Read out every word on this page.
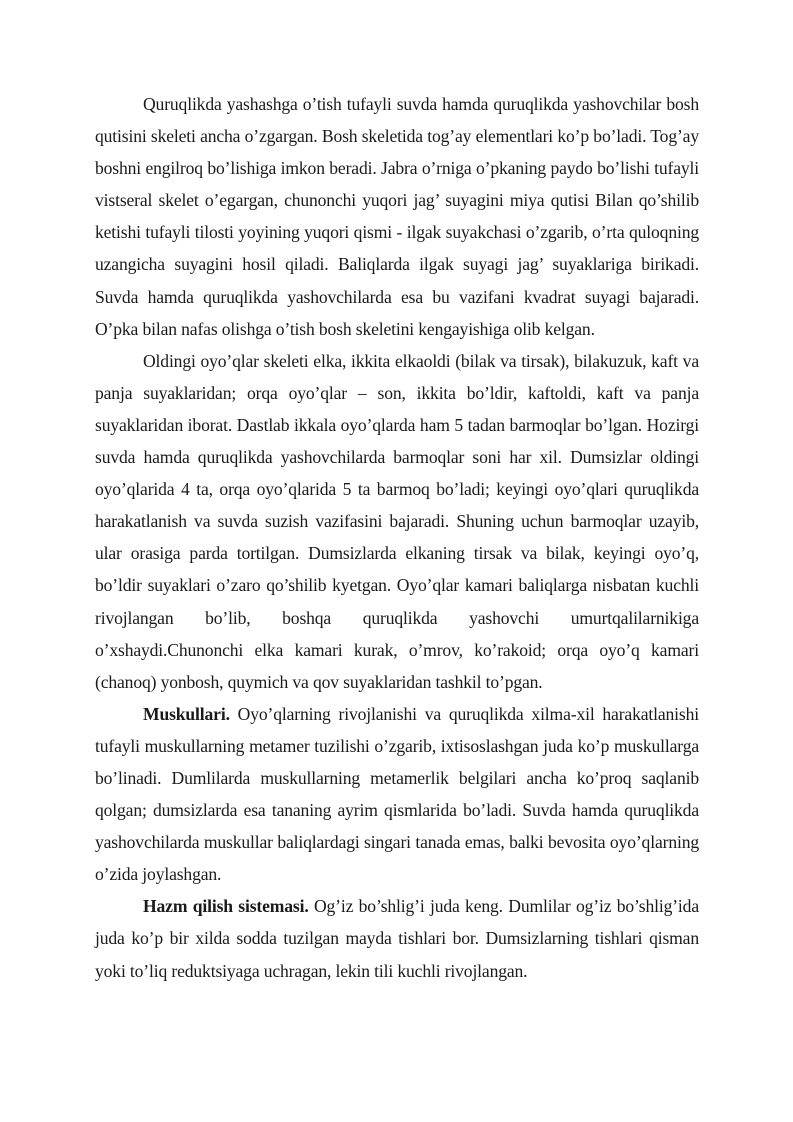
Quruqlikda yashashga o’tish tufayli suvda hamda quruqlikda yashovchilar bosh qutisini skeleti ancha o’zgargan. Bosh skeletida tog’ay elementlari ko’p bo’ladi. Tog’ay boshni engilroq bo’lishiga imkon beradi. Jabra o’rniga o’pkaning paydo bo’lishi tufayli vistseral skelet o’egargan, chunonchi yuqori jag’ suyagini miya qutisi Bilan qo’shilib ketishi tufayli tilosti yoyining yuqori qismi - ilgak suyakchasi o’zgarib, o’rta quloqning uzangicha suyagini hosil qiladi. Baliqlarda ilgak suyagi jag’ suyaklariga birikadi. Suvda hamda quruqlikda yashovchilarda esa bu vazifani kvadrat suyagi bajaradi. O’pka bilan nafas olishga o’tish bosh skeletini kengayishiga olib kelgan.

Oldingi oyo’qlar skeleti elka, ikkita elkaoldi (bilak va tirsak), bilakuzuk, kaft va panja suyaklaridan; orqa oyo’qlar – son, ikkita bo’ldir, kaftoldi, kaft va panja suyaklaridan iborat. Dastlab ikkala oyo’qlarda ham 5 tadan barmoqlar bo’lgan. Hozirgi suvda hamda quruqlikda yashovchilarda barmoqlar soni har xil. Dumsizlar oldingi oyo’qlarida 4 ta, orqa oyo’qlarida 5 ta barmoq bo’ladi; keyingi oyo’qlari quruqlikda harakatlanish va suvda suzish vazifasini bajaradi. Shuning uchun barmoqlar uzayib, ular orasiga parda tortilgan. Dumsizlarda elkaning tirsak va bilak, keyingi oyo’q, bo’ldir suyaklari o’zaro qo’shilib kyetgan. Oyo’qlar kamari baliqlarga nisbatan kuchli rivojlangan bo’lib, boshqa quruqlikda yashovchi umurtqalilarnikiga o’xshaydi.Chunonchi elka kamari kurak, o’mrov, ko’rakoid; orqa oyo’q kamari (chanoq) yonbosh, quymich va qov suyaklaridan tashkil to’pgan.

Muskullari. Oyo’qlarning rivojlanishi va quruqlikda xilma-xil harakatlanishi tufayli muskullarning metamer tuzilishi o’zgarib, ixtisoslashgan juda ko’p muskullarga bo’linadi. Dumlilarda muskullarning metamerlik belgilari ancha ko’proq saqlanib qolgan; dumsizlarda esa tananing ayrim qismlarida bo’ladi. Suvda hamda quruqlikda yashovchilarda muskullar baliqlardagi singari tanada emas, balki bevosita oyo’qlarning o’zida joylashgan.

Hazm qilish sistemasi. Og’iz bo’shlig’i juda keng. Dumlilar og’iz bo’shlig’ida juda ko’p bir xilda sodda tuzilgan mayda tishlari bor. Dumsizlarning tishlari qisman yoki to’liq reduktsiyaga uchragan, lekin tili kuchli rivojlangan.
